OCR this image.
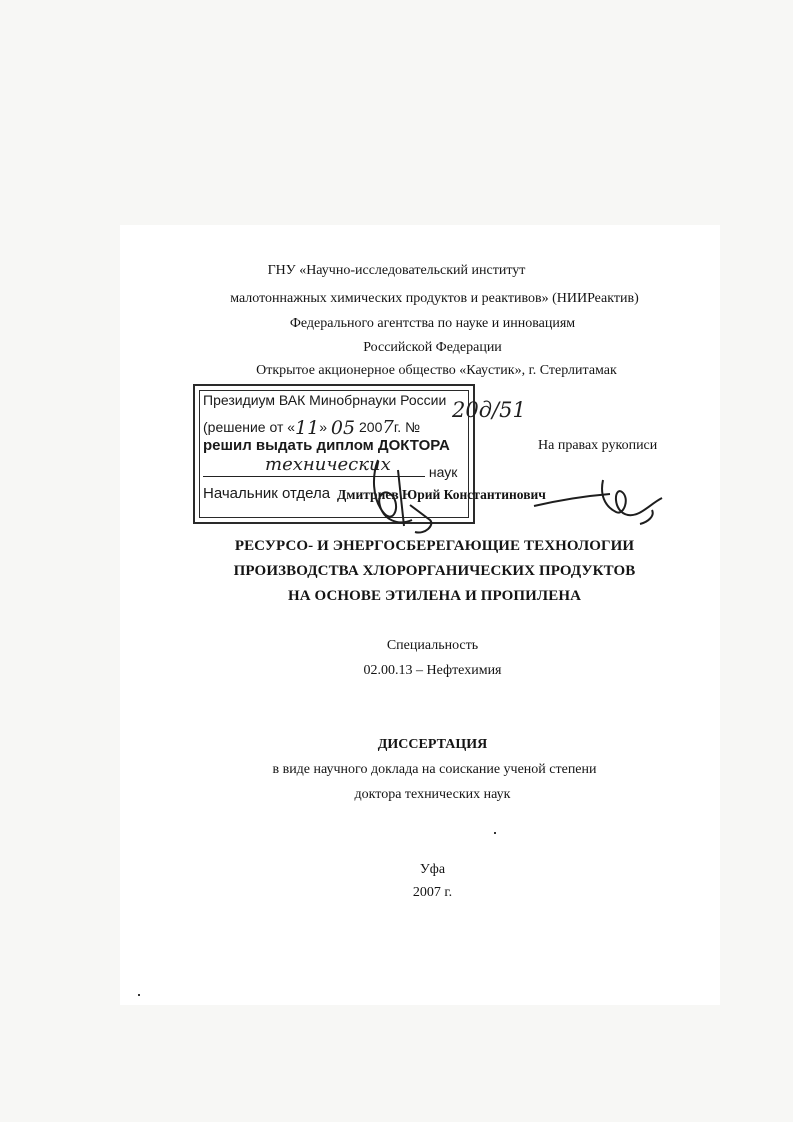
ГНУ «Научно-исследовательский институт
малотоннажных химических продуктов и реактивов» (НИИРеактив)
Федерального агентства по науке и инновациям
Российской Федерации
Открытое акционерное общество «Каустик», г. Стерлитамак
Президиум ВАК Минобрнауки России
(решение от «11» 05 2007г. №
решил выдать диплом ДОКТОРА
технических	наук
Начальник отдела
20д/51
На правах рукописи
Дмитриев Юрий Константинович
РЕСУРСО- И ЭНЕРГОСБЕРЕГАЮЩИЕ ТЕХНОЛОГИИ
ПРОИЗВОДСТВА ХЛОРОРГАНИЧЕСКИХ ПРОДУКТОВ
НА ОСНОВЕ ЭТИЛЕНА И ПРОПИЛЕНА
Специальность
02.00.13 – Нефтехимия
ДИССЕРТАЦИЯ
в виде научного доклада на соискание ученой степени
доктора технических наук
Уфа
2007 г.
